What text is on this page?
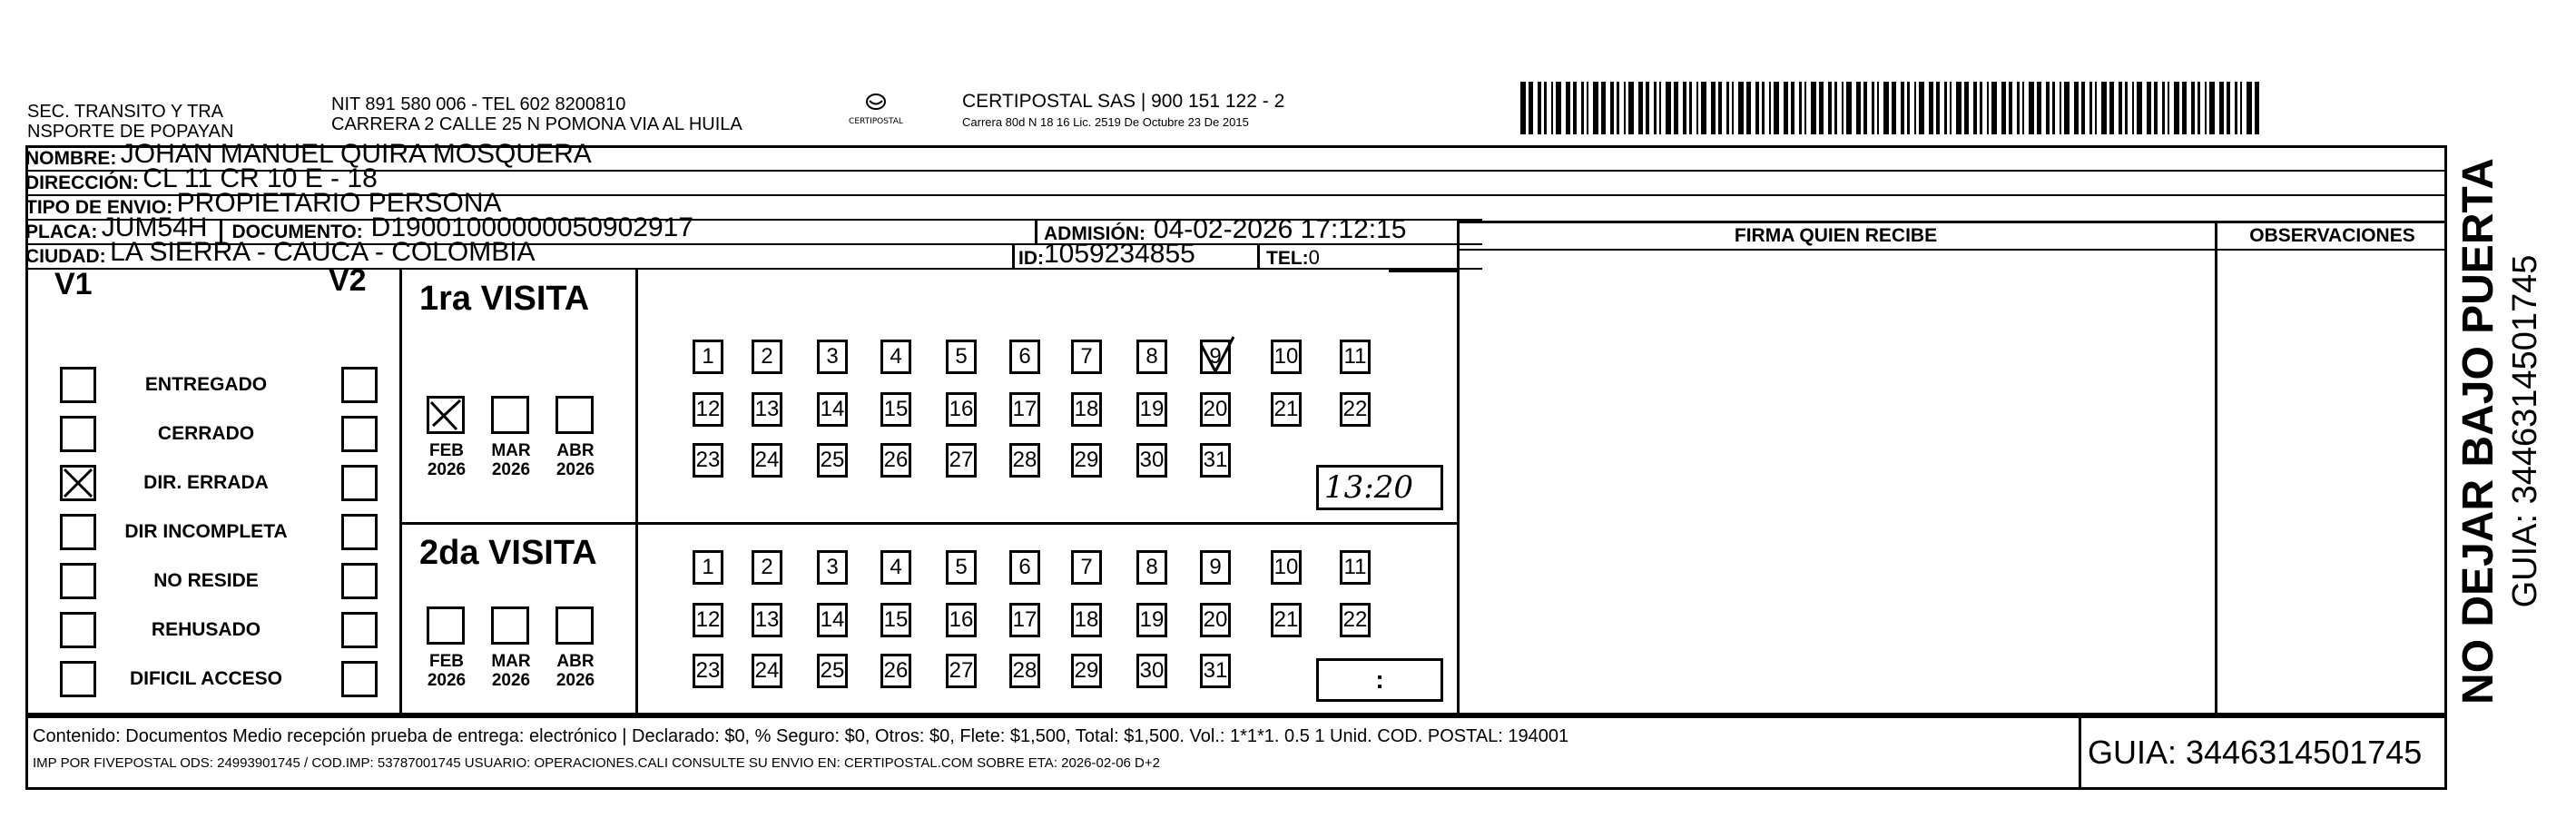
SEC. TRANSITO Y TRA
NSPORTE DE POPAYAN
NIT 891 580 006 - TEL 602 8200810
CARRERA 2 CALLE 25 N POMONA VIA AL HUILA	CERTIPOSTAL
CERTIPOSTAL SAS | 900 151 122 - 2
Carrera 80d N 18 16 Lic. 2519 De Octubre 23 De 2015
NOMBRE:
JOHAN MANUEL QUIRA MOSQUERA
DIRECCIÓN:
CL 11 CR 10 E - 18
TIPO DE ENVIO:
PROPIETARIO PERSONA
PLACA:
JUM54H DOCUMENTO:
D19001000000050902917	ADMISIÓN:
04-02-2026 17:12:15
CIUDAD:
LA SIERRA - CAUCA - COLOMBIA	ID: 1059234855	TEL: 0
FIRMA QUIEN RECIBE	OBSERVACIONES
V1	V2
ENTREGADO
CERRADO
DIR. ERRADA
DIR INCOMPLETA
NO RESIDE
REHUSADO
DIFICIL ACCESO
1ra VISITA
2da VISITA
FEB
2026
MAR
2026
ABR
2026
1	2	3	4	5	6	7	8	9	10 11
12 13 14 15 16 17 18 19 20 21 22
23 24 25 26 27 28 29 30 31
FEB
2026
MAR
2026
ABR
2026
1	2	3	4	5	6	7	8	9	10 11
12 13 14 15 16 17 18 19 20 21 22
23 24 25 26 27 28 29 30 31
13:20
:	NO DEJAR BAJO PUERTA GUIA: 3446314501745
Contenido: Documentos Medio recepción prueba de entrega: electrónico | Declarado: $0, % Seguro: $0, Otros: $0, Flete: $1,500, Total: $1,500. Vol.: 1*1*1. 0.5 1 Unid. COD. POSTAL: 194001
IMP POR FIVEPOSTAL ODS: 24993901745 / COD.IMP: 53787001745 USUARIO: OPERACIONES.CALI CONSULTE SU ENVIO EN: CERTIPOSTAL.COM SOBRE ETA: 2026-02-06 D+2	GUIA: 3446314501745
